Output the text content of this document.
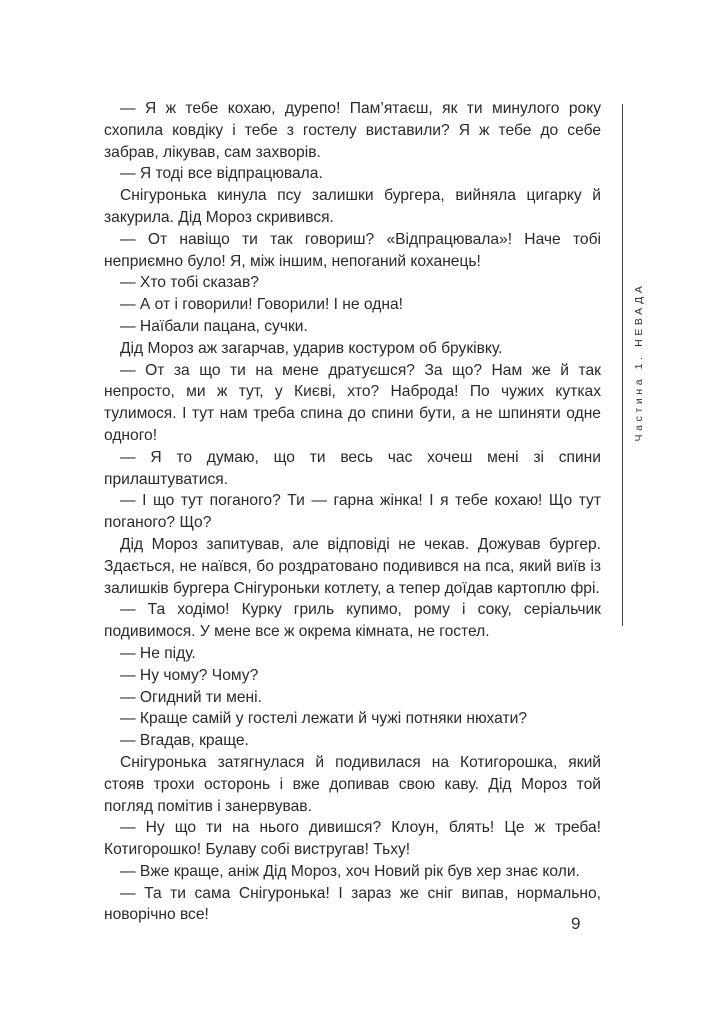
— Я ж тебе кохаю, дурепо! Пам’ятаєш, як ти минулого року схопила ковдіку і тебе з гостелу виставили? Я ж тебе до себе забрав, лікував, сам захворів.

— Я тоді все відпрацювала.

Снігуронька кинула псу залишки бургера, вийняла цигарку й закурила. Дід Мороз скривився.

— От навіщо ти так говориш? «Відпрацювала»! Наче тобі неприємно було! Я, між іншим, непоганий коханець!

— Хто тобі сказав?

— А от і говорили! Говорили! І не одна!

— Наїбали пацана, сучки.

Дід Мороз аж загарчав, ударив костуром об бруківку.

— От за що ти на мене дратуєшся? За що? Нам же й так непросто, ми ж тут, у Києві, хто? Наброда! По чужих кутках тулимося. І тут нам треба спина до спини бути, а не шпиняти одне одного!

— Я то думаю, що ти весь час хочеш мені зі спини прилаштуватися.

— І що тут поганого? Ти — гарна жінка! І я тебе кохаю! Що тут поганого? Що?

Дід Мороз запитував, але відповіді не чекав. Дожував бургер. Здається, не наївся, бо роздратовано подивився на пса, який виїв із залишків бургера Снігуроньки котлету, а тепер доїдав картоплю фрі.

— Та ходімо! Курку гриль купимо, рому і соку, серіальчик подивимося. У мене все ж окрема кімната, не гостел.

— Не піду.

— Ну чому? Чому?

— Огидний ти мені.

— Краще самій у гостелі лежати й чужі потняки нюхати?

— Вгадав, краще.

Снігуронька затягнулася й подивилася на Котигорошка, який стояв трохи осторонь і вже допивав свою каву. Дід Мороз той погляд помітив і занервував.

— Ну що ти на нього дивишся? Клоун, блять! Це ж треба! Котигорошко! Булаву собі вистругав! Тьху!

— Вже краще, аніж Дід Мороз, хоч Новий рік був хер знає коли.

— Та ти сама Снігуронька! І зараз же сніг випав, нормально, новорічно все!

Частина 1. НЕВАДА
9
